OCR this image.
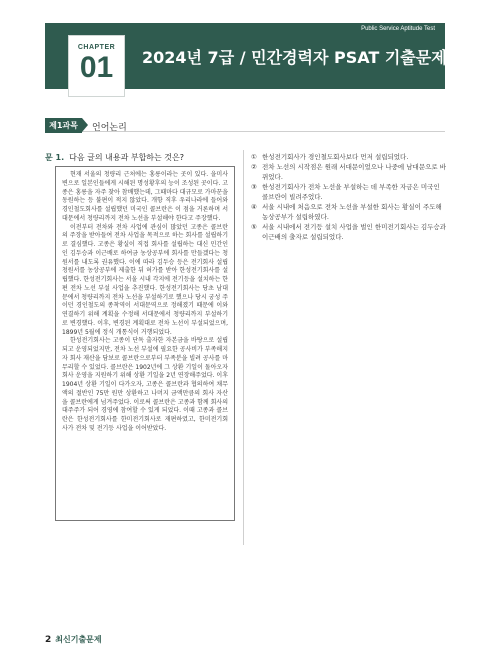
Public Service Aptitude Test
CHAPTER
01	2024년 7급 / 민간경력자 PSAT 기출문제
제1과목	언어논리
문 1. 다음 글의 내용과 부합하는 것은?

현재 서울의 청량리 근처에는 홍릉이라는 곳이 있다. 을미사변으로 일본인들에게 시해된 명성황후의 능이 조성된 곳이다. 고종은 홍릉을 자주 찾아 참배했는데, 그때마다 대규모로 가마꾼을 동원하는 등 불편이 적지 않았다. 개항 직후 우리나라에 들어와 경인철도회사를 설립했던 미국인 콜브란은 이 점을 거론하며 서대문에서 청량리까지 전차 노선을 부설해야 한다고 주장했다.

이전부터 전차와 전차 사업에 관심이 많았던 고종은 콜브란의 주장을 받아들여 전차 사업을 목적으로 하는 회사를 설립하기로 결심했다. 고종은 황실이 직접 회사를 설립하는 대신 민간인인 김두승과 이근배로 하여금 농상공부에 회사를 만들겠다는 청원서를 내도록 권유했다. 이에 따라 김두승 등은 전기회사 설립 청원서를 농상공부에 제출한 뒤 허가를 받아 한성전기회사를 설립했다. 한성전기회사는 서울 시내 각지에 전기등을 설치하는 한편 전차 노선 부설 사업을 추진했다. 한성전기회사는 당초 남대문에서 청량리까지 전차 노선을 부설하기로 했으나 당시 궁성 주이던 경인철도의 종착역이 서대문역으로 정해졌기 때문에 이와 연결하기 위해 계획을 수정해 서대문에서 청량리까지 부설하기로 변경했다. 이후, 변경된 계획대로 전차 노선이 부설되었으며, 1899년 5월에 정식 개통식이 거행되었다.

한성전기회사는 고종이 단독 출자한 자본금을 바탕으로 설립되고 운영되었지만, 전차 노선 부설에 필요한 공사비가 부족해지자 회사 재산을 담보로 콜브란으로부터 부족분을 빌려 공사를 마무리할 수 있었다. 콜브란은 1902년에 그 상환 기일이 돌아오자 회사 운영을 지원하기 위해 상환 기일을 2년 연장해주었다. 이후 1904년 상환 기일이 다가오자, 고종은 콜브란과 협의하여 채무액의 절반인 75만 원만 상환하고 나머지 금액만큼의 회사 자산을 콜브란에게 넘겨주었다. 이로써 콜브란은 고종과 함께 회사의 대주주가 되어 경영에 참여할 수 있게 되었다. 이때 고종과 콜브란은 한성전기회사를 한미전기회사로 재편하였고, 한미전기회사가 전차 및 전기등 사업을 이어받았다.

① 한성전기회사가 경인철도회사보다 먼저 설립되었다.

② 전차 노선의 시작점은 원래 서대문이었으나 나중에 남대문으로 바뀌었다.

③ 한성전기회사가 전차 노선을 부설하는 데 부족한 자금은 미국인 콜브란이 빌려주었다.

④ 서울 시내에 처음으로 전차 노선을 부설한 회사는 황실이 주도해 농상공부가 설립하였다.

⑤ 서울 시내에서 전기등 설치 사업을 벌인 한미전기회사는 김두승과 이근배의 출자로 설립되었다.

2 최신기출문제
